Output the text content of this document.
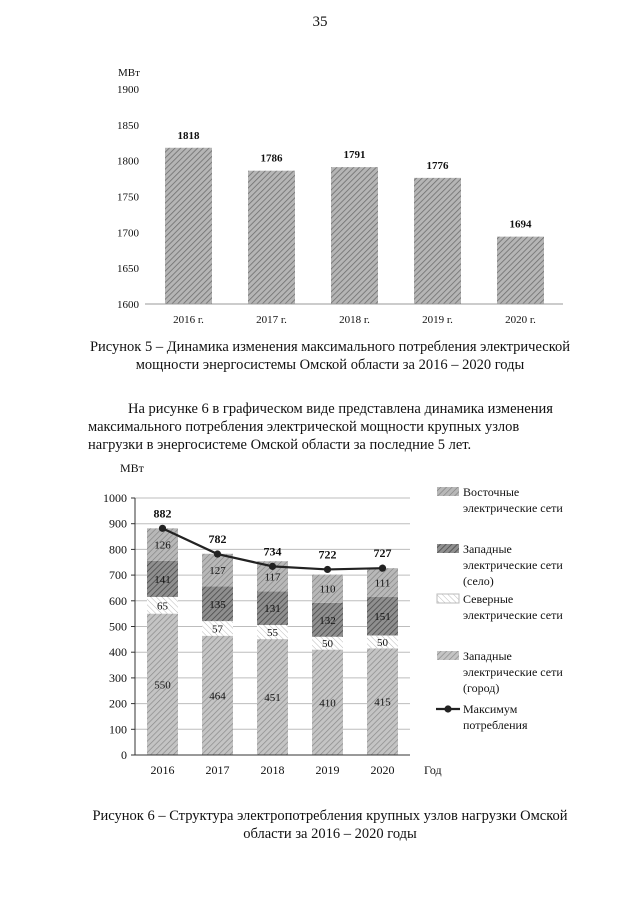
35
МВт
1600
1650
1700
1750
1800
1850
1900
1818
1786	1791
1776
1694
2016 г.	2017 г.	2018 г.	2019 г.	2020 г.
Рисунок 5 – Динамика изменения максимального потребления электрической
мощности энергосистемы Омской области за 2016 – 2020 годы
На рисунке 6 в графическом виде представлена динамика изменения
максимального потребления электрической мощности крупных узлов
нагрузки в энергосистеме Омской области за последние 5 лет.
МВт
0
100
200
300
400
500
600
700
800
900
1000
550
65
141
126
464
57
135
127
451
55
131
117
410
50
132
110
415
50
151
111
882
782
734	722	727
2016	2017	2018	2019	2020 Год
Восточные
электрические сети
Западные
электрические сети
(село)
Северные
электрические сети
Западные
электрические сети
(город)
Максимум
потребления
Рисунок 6 – Структура электропотребления крупных узлов нагрузки Омской
области за 2016 – 2020 годы
